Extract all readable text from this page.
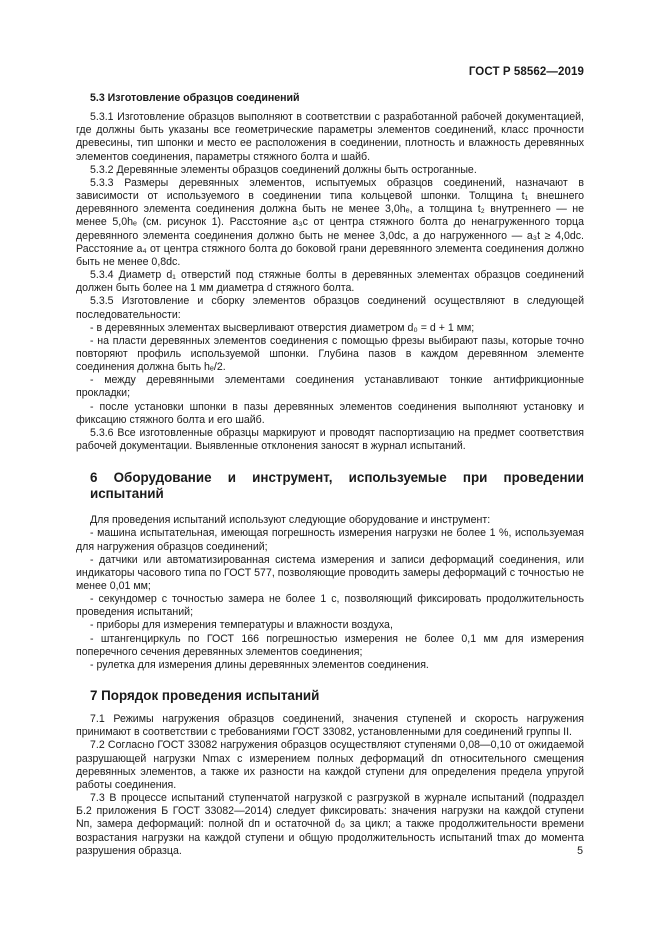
ГОСТ Р 58562—2019

5.3 Изготовление образцов соединений

5.3.1 Изготовление образцов выполняют в соответствии с разработанной рабочей документацией, где должны быть указаны все геометрические параметры элементов соединений, класс прочности древесины, тип шпонки и место ее расположения в соединении, плотность и влажность деревянных элементов соединения, параметры стяжного болта и шайб.

5.3.2 Деревянные элементы образцов соединений должны быть остроганные.

5.3.3 Размеры деревянных элементов, испытуемых образцов соединений, назначают в зависимости от используемого в соединении типа кольцевой шпонки. Толщина t₁ внешнего деревянного элемента соединения должна быть не менее 3,0hₑ, а толщина t₂ внутреннего — не менее 5,0hₑ (см. рисунок 1). Расстояние a₃c от центра стяжного болта до ненагруженного торца деревянного элемента соединения должно быть не менее 3,0dc, а до нагруженного — a₃t ≥ 4,0dc. Расстояние a₄ от центра стяжного болта до боковой грани деревянного элемента соединения должно быть не менее 0,8dc.

5.3.4 Диаметр d₁ отверстий под стяжные болты в деревянных элементах образцов соединений должен быть более на 1 мм диаметра d стяжного болта.

5.3.5 Изготовление и сборку элементов образцов соединений осуществляют в следующей последовательности:

- в деревянных элементах высверливают отверстия диаметром d₀ = d + 1 мм;

- на пласти деревянных элементов соединения с помощью фрезы выбирают пазы, которые точно повторяют профиль используемой шпонки. Глубина пазов в каждом деревянном элементе соединения должна быть hₑ/2.

- между деревянными элементами соединения устанавливают тонкие антифрикционные прокладки;

- после установки шпонки в пазы деревянных элементов соединения выполняют установку и фиксацию стяжного болта и его шайб.

5.3.6 Все изготовленные образцы маркируют и проводят паспортизацию на предмет соответствия рабочей документации. Выявленные отклонения заносят в журнал испытаний.

6 Оборудование и инструмент, используемые при проведении испытаний

Для проведения испытаний используют следующие оборудование и инструмент:

- машина испытательная, имеющая погрешность измерения нагрузки не более 1 %, используемая для нагружения образцов соединений;

- датчики или автоматизированная система измерения и записи деформаций соединения, или индикаторы часового типа по ГОСТ 577, позволяющие проводить замеры деформаций с точностью не менее 0,01 мм;

- секундомер с точностью замера не более 1 с, позволяющий фиксировать продолжительность проведения испытаний;

- приборы для измерения температуры и влажности воздуха,

- штангенциркуль по ГОСТ 166 погрешностью измерения не более 0,1 мм для измерения поперечного сечения деревянных элементов соединения;

- рулетка для измерения длины деревянных элементов соединения.

7 Порядок проведения испытаний

7.1 Режимы нагружения образцов соединений, значения ступеней и скорость нагружения принимают в соответствии с требованиями ГОСТ 33082, установленными для соединений группы II.

7.2 Согласно ГОСТ 33082 нагружения образцов осуществляют ступенями 0,08—0,10 от ожидаемой разрушающей нагрузки Nmax с измерением полных деформаций dп относительного смещения деревянных элементов, а также их разности на каждой ступени для определения предела упругой работы соединения.

7.3 В процессе испытаний ступенчатой нагрузкой с разгрузкой в журнале испытаний (подраздел Б.2 приложения Б ГОСТ 33082—2014) следует фиксировать: значения нагрузки на каждой ступени Nп, замера деформаций: полной dп и остаточной d₀ за цикл; а также продолжительности времени возрастания нагрузки на каждой ступени и общую продолжительность испытаний tmax до момента разрушения образца.	5
